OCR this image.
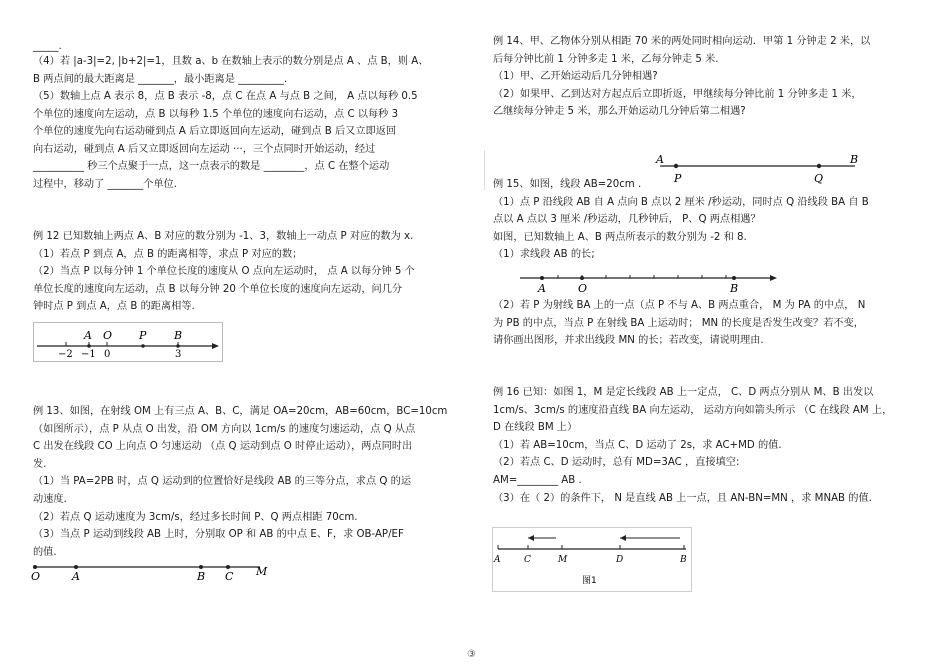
_____.

（4）若 |a-3|=2, |b+2|=1，且数 a、b 在数轴上表示的数分别是点 A 、点 B，则 A、

B 两点间的最大距离是 _______，最小距离是 _________.

（5）数轴上点 A 表示 8，点 B 表示 -8，点 C 在点 A 与点 B 之间， A 点以每秒 0.5

个单位的速度向左运动，点 B 以每秒 1.5 个单位的速度向右运动，点 C 以每秒 3

个单位的速度先向右运动碰到点 A 后立即返回向左运动，碰到点 B 后又立即返回

向右运动，碰到点 A 后又立即返回向左运动 ···，三个点同时开始运动，经过

__________ 秒三个点聚于一点，这一点表示的数是 ________，点 C 在整个运动

过程中，移动了 _______个单位.

例 12 已知数轴上两点 A、B 对应的数分别为 -1、3，数轴上一动点 P 对应的数为 x.

（1）若点 P 到点 A，点 B 的距离相等，求点 P 对应的数；

（2）当点 P 以每分钟 1 个单位长度的速度从 O 点向左运动时， 点 A 以每分钟 5 个

单位长度的速度向左运动，点 B 以每分钟 20 个单位长度的速度向左运动，问几分

钟时点 P 到点 A，点 B 的距离相等.

A O P	B
−2 −1 0	3

例 13、如图，在射线 OM 上有三点 A、B、C，满足 OA=20cm，AB=60cm，BC=10cm

（如图所示），点 P 从点 O 出发，沿 OM 方向以 1cm/s 的速度匀速运动，点 Q 从点

C 出发在线段 CO 上向点 O 匀速运动 （点 Q 运动到点 O 时停止运动），两点同时出

发.

（1）当 PA=2PB 时，点 Q 运动到的位置恰好是线段 AB 的三等分点，求点 Q 的运

动速度.

（2）若点 Q 运动速度为 3cm/s，经过多长时间 P、Q 两点相距 70cm.

（3）当点 P 运动到线段 AB 上时，分别取 OP 和 AB 的中点 E、F，求 OB-AP/EF

的值.

O	A	B C M

例 14、甲、乙物体分别从相距 70 米的两处同时相向运动．甲第 1 分钟走 2 米，以

后每分钟比前 1 分钟多走 1 米，乙每分钟走 5 米.

（1）甲、乙开始运动后几分钟相遇?

（2）如果甲、乙到达对方起点后立即折返，甲继续每分钟比前 1 分钟多走 1 米，

乙继续每分钟走 5 米，那么开始运动几分钟后第二相遇?

A	B
P	Q

例 15、如图，线段 AB=20cm .

（1）点 P 沿线段 AB 自 A 点向 B 点以 2 厘米 /秒运动，同时点 Q 沿线段 BA 自 B

点以 A 点以 3 厘米 /秒运动，几秒钟后， P、Q 两点相遇？

如图，已知数轴上 A、B 两点所表示的数分别为 -2 和 8.

（1）求线段 AB 的长;

A	O	B

（2）若 P 为射线 BA 上的一点（点 P 不与 A、B 两点重合， M 为 PA 的中点， N

为 PB 的中点，当点 P 在射线 BA 上运动时； MN 的长度是否发生改变？若不变，

请你画出图形，并求出线段 MN 的长；若改变，请说明理由.

例 16 已知：如图 1，M 是定长线段 AB 上一定点， C、D 两点分别从 M、B 出发以

1cm/s、3cm/s 的速度沿直线 BA 向左运动， 运动方向如箭头所示 （C 在线段 AM 上，

D 在线段 BM 上）

（1）若 AB=10cm，当点 C、D 运动了 2s，求 AC+MD 的值.

（2）若点 C、D 运动时，总有 MD=3AC ，直接填空:

AM=________ AB .

（3）在（ 2）的条件下， N 是直线 AB 上一点，且 AN-BN=MN ，求 MNAB 的值.

A	C	M	D	B
图1
③
